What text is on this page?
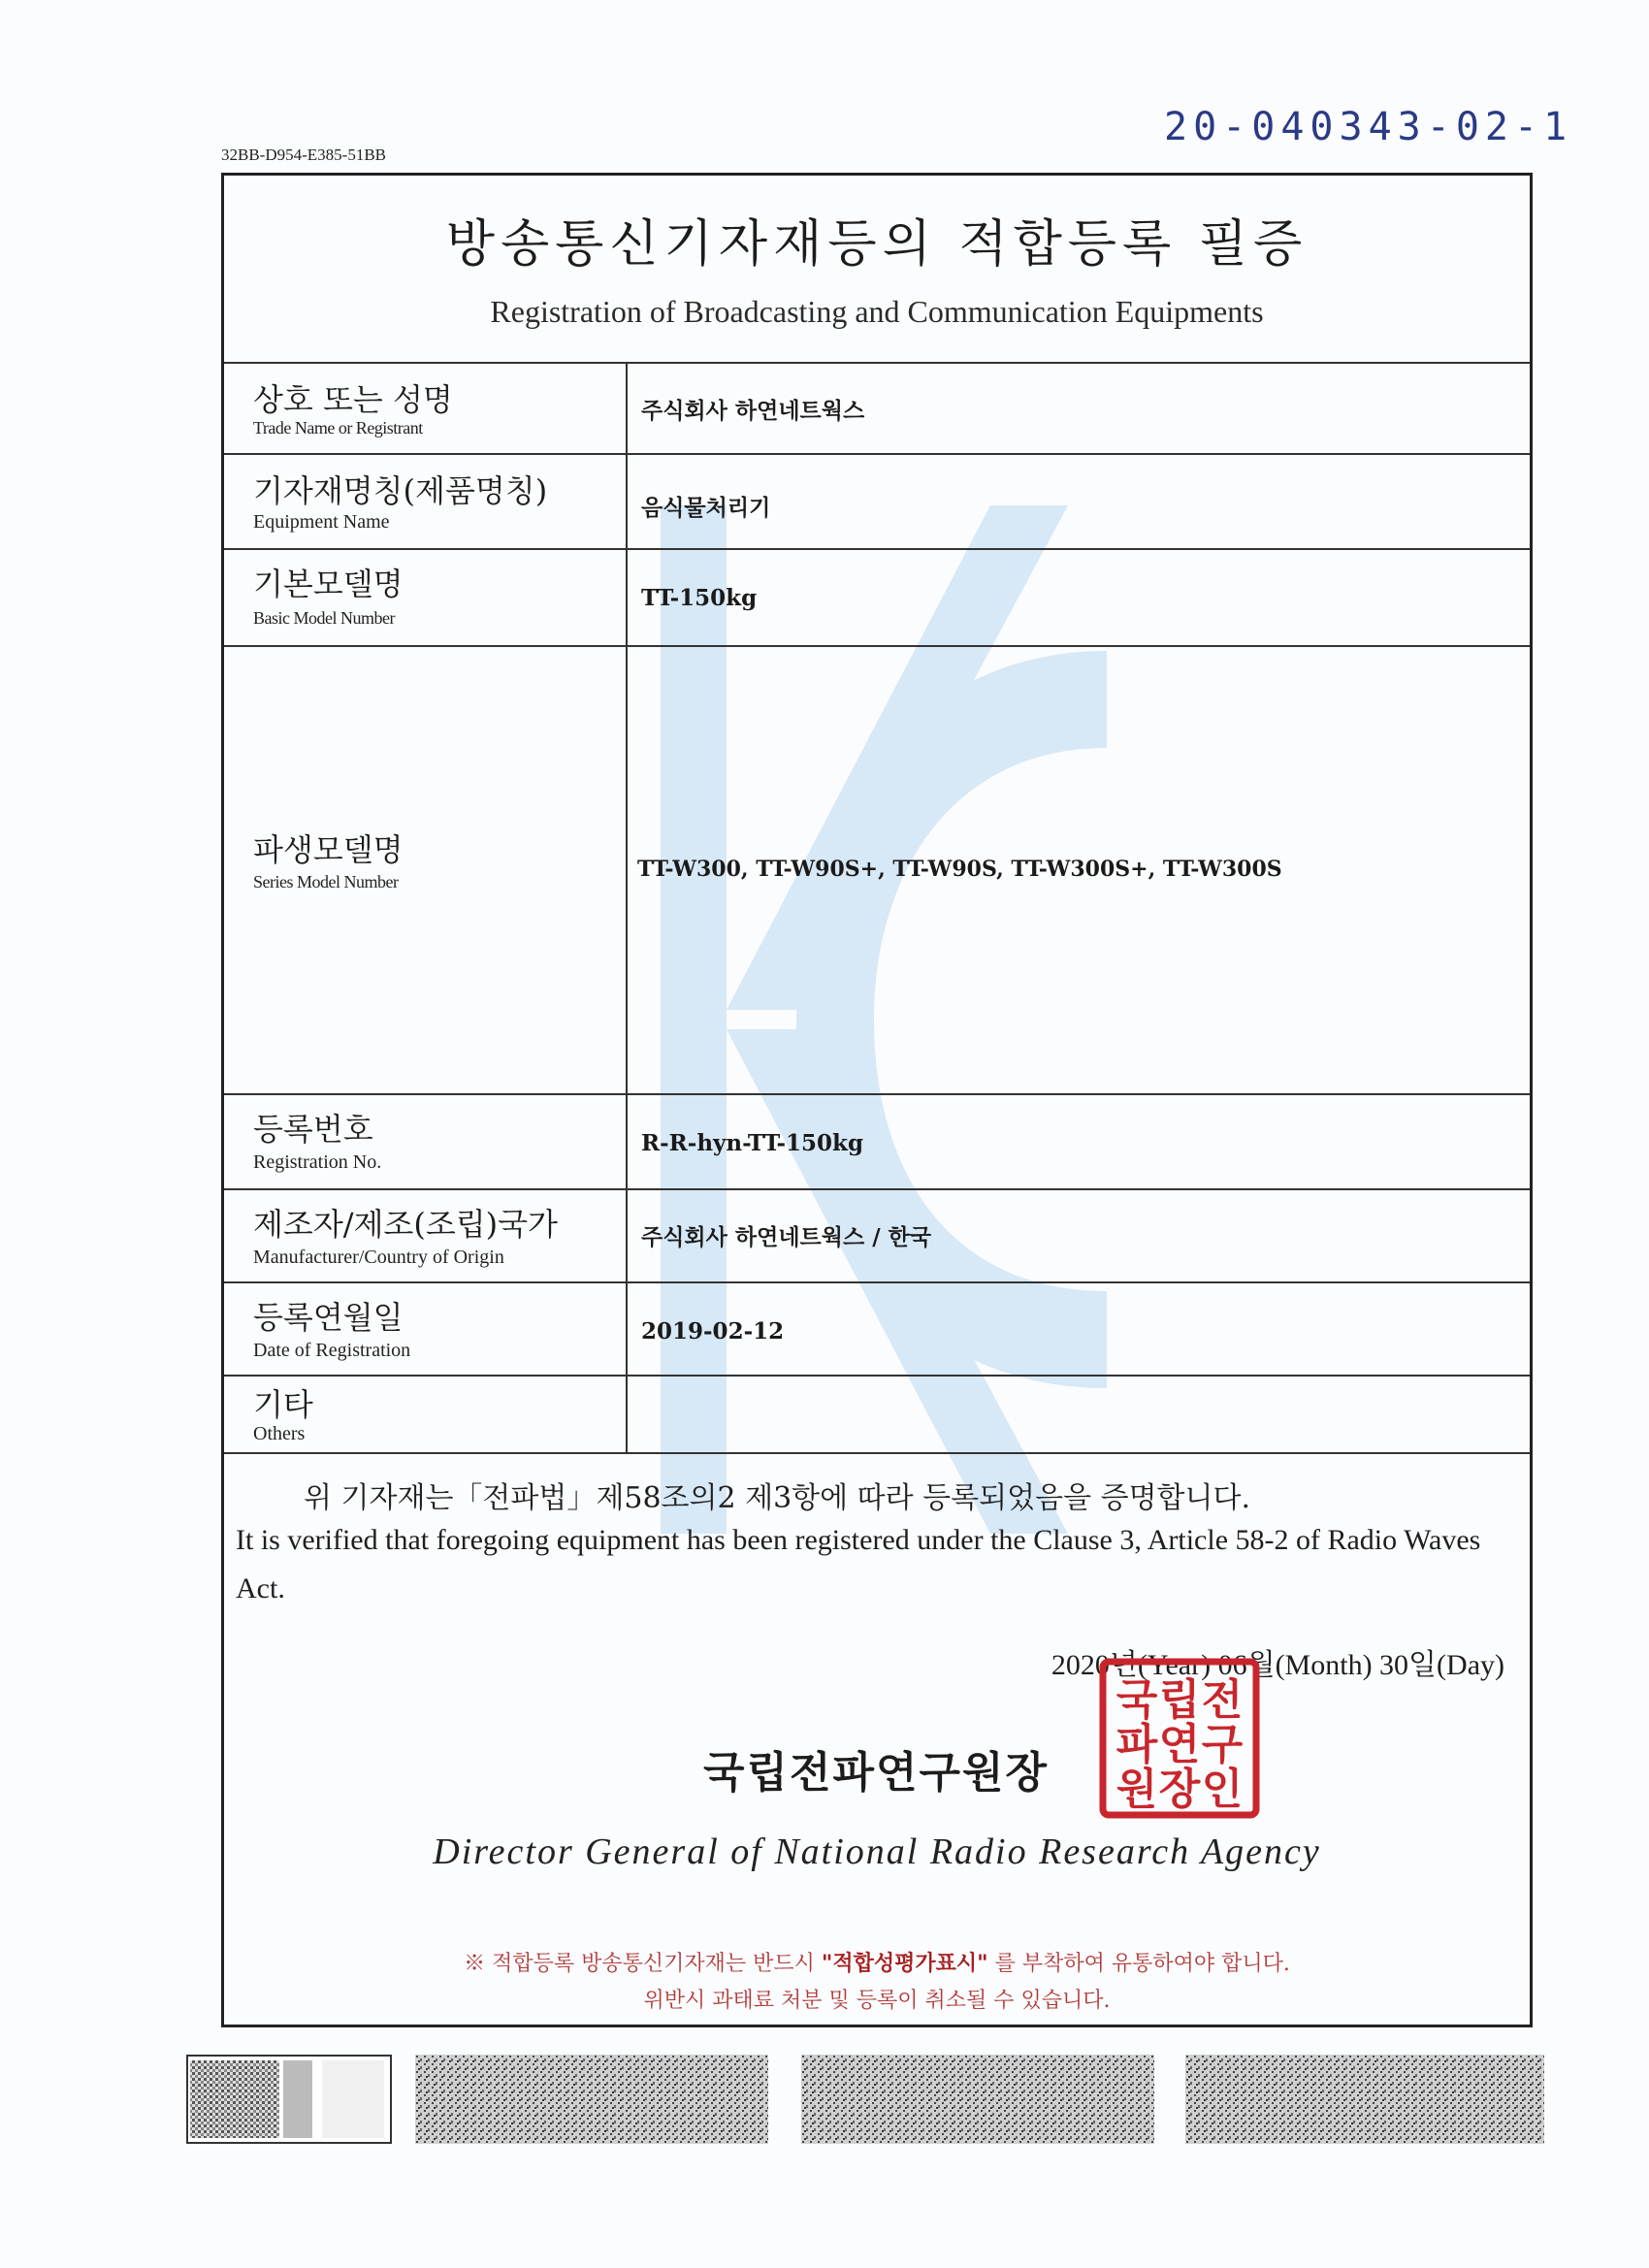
20-040343-02-1
32BB-D954-E385-51BB
방송통신기자재등의 적합등록 필증
Registration of Broadcasting and Communication Equipments
상호 또는 성명
Trade Name or Registrant
주식회사 하연네트웍스
기자재명칭(제품명칭)
Equipment Name
음식물처리기
기본모델명
Basic Model Number
TT-150kg
파생모델명
Series Model Number	TT-W300, TT-W90S+, TT-W90S, TT-W300S+, TT-W300S
등록번호
Registration No.
R-R-hyn-TT-150kg
제조자/제조(조립)국가
Manufacturer/Country of Origin
주식회사 하연네트웍스 / 한국
등록연월일
Date of Registration
2019-02-12
기타
Others
위 기자재는「전파법」제58조의2 제3항에 따라 등록되었음을 증명합니다.
It is verified that foregoing equipment has been registered under the Clause 3, Article 58-2 of Radio Waves Act.
2020년(Year) 06월(Month) 30일(Day)
국립전파연구원장
국 립 전
파 연 구
원 장 인
Director General of National Radio Research Agency
※ 적합등록 방송통신기자재는 반드시 "적합성평가표시" 를 부착하여 유통하여야 합니다.
위반시 과태료 처분 및 등록이 취소될 수 있습니다.
